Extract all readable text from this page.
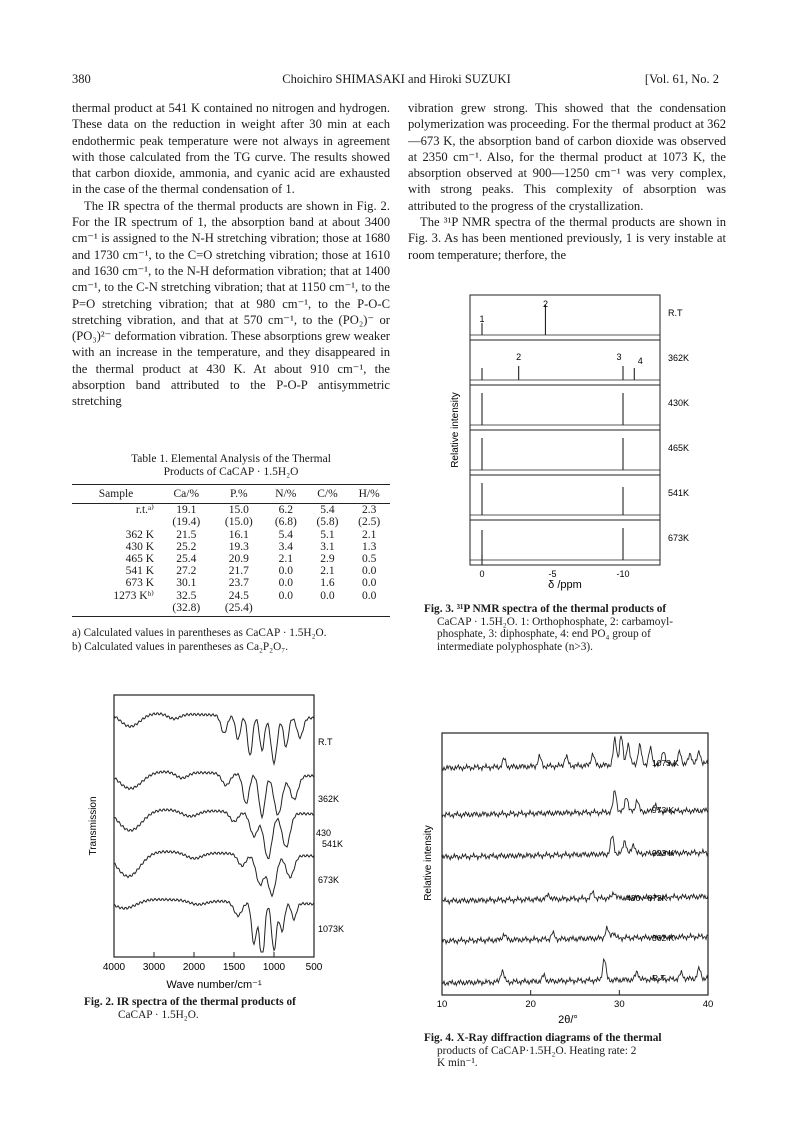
380	Choichiro SHIMASAKI and Hiroki SUZUKI	[Vol. 61, No. 2

thermal product at 541 K contained no nitrogen and hydrogen. These data on the reduction in weight after 30 min at each endothermic peak temperature were not always in agreement with those calculated from the TG curve. The results showed that carbon dioxide, ammonia, and cyanic acid are exhausted in the case of the thermal condensation of 1.

The IR spectra of the thermal products are shown in Fig. 2. For the IR spectrum of 1, the absorption band at about 3400 cm⁻¹ is assigned to the N-H stretching vibration; those at 1680 and 1730 cm⁻¹, to the C=O stretching vibration; those at 1610 and 1630 cm⁻¹, to the N-H deformation vibration; that at 1400 cm⁻¹, to the C-N stretching vibration; that at 1150 cm⁻¹, to the P=O stretching vibration; that at 980 cm⁻¹, to the P-O-C stretching vibration, and that at 570 cm⁻¹, to the (PO₂)⁻ or (PO₃)²⁻ deformation vibration. These absorptions grew weaker with an increase in the temperature, and they disappeared in the thermal product at 430 K. At about 910 cm⁻¹, the absorption band attributed to the P-O-P antisymmetric stretching

vibration grew strong. This showed that the condensation polymerization was proceeding. For the thermal product at 362—673 K, the absorption band of carbon dioxide was observed at 2350 cm⁻¹. Also, for the thermal product at 1073 K, the absorption observed at 900—1250 cm⁻¹ was very complex, with strong peaks. This complexity of absorption was attributed to the progress of the crystallization.

The ³¹P NMR spectra of the thermal products are shown in Fig. 3. As has been mentioned previously, 1 is very instable at room temperature; therfore, the

Table 1. Elemental Analysis of the Thermal
Products of CaCAP · 1.5H₂O
Sample	Ca/%	P.%	N/%	C/%	H/%
r.t.ᵃ⁾	19.1	15.0	6.2	5.4	2.3
	(19.4)	(15.0)	(6.8)	(5.8)	(2.5)
362 K	21.5	16.1	5.4	5.1	2.1
430 K	25.2	19.3	3.4	3.1	1.3
465 K	25.4	20.9	2.1	2.9	0.5
541 K	27.2	21.7	0.0	2.1	0.0
673 K	30.1	23.7	0.0	1.6	0.0
1273 Kᵇ⁾	32.5	24.5	0.0	0.0	0.0
	(32.8)	(25.4)			
a) Calculated values in parentheses as CaCAP · 1.5H₂O.
b) Calculated values in parentheses as Ca₂P₂O₇.
4000 3000 2000 1500 1000 500
Transmission
Wave number/cm⁻¹
R.T
362K
430
541K
673K
1073K
Fig. 2. IR spectra of the thermal products of
CaCAP · 1.5H₂O.
R.T
362K
430K
465K
541K
673K
1
2
2	3 4
0	-5	-10
Relative intensity
δ /ppm
Fig. 3. ³¹P NMR spectra of the thermal products of
CaCAP · 1.5H₂O. 1: Orthophosphate, 2: carbamoyl-
phosphate, 3: diphosphate, 4: end PO₄ group of
intermediate polyphosphate (n>3).
10	20	30	40
Relative intensity
2θ/°
1073 K
973 K
923 K
430 ~873K
362 K
R.T.
Fig. 4. X-Ray diffraction diagrams of the thermal
products of CaCAP·1.5H₂O. Heating rate: 2
K min⁻¹.
